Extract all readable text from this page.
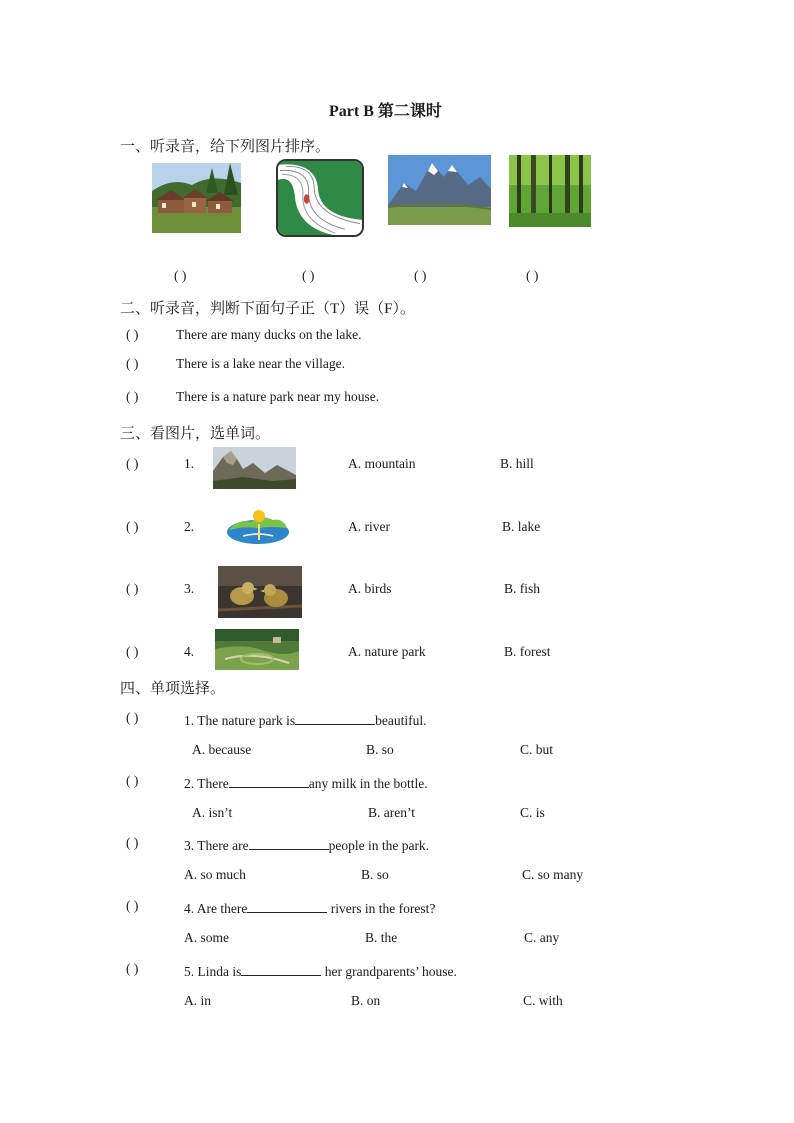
Part B 第二课时
一、听录音，给下列图片排序。
( )	( )	( )	( )
二、听录音，判断下面句子正（T）误（F）。
( )	There are many ducks on the lake.
( )	There is a lake near the village.
( )	There is a nature park near my house.
三、看图片，选单词。
( )	1.	A. mountain	B. hill
( )	2.	A. river	B. lake
( )	3.	A. birds	B. fish
( )	4.	A. nature park	B. forest
四、单项选择。
( )	1. The nature park is	beautiful.
A. because	B. so	C. but
( )	2. There	any milk in the bottle.
A. isn’t	B. aren’t	C. is
( )	3. There are	people in the park.
A. so much	B. so	C. so many
( )	4. Are there	rivers in the forest?
A. some	B. the	C. any
( )	5. Linda is	her grandparents’ house.
A. in	B. on	C. with
